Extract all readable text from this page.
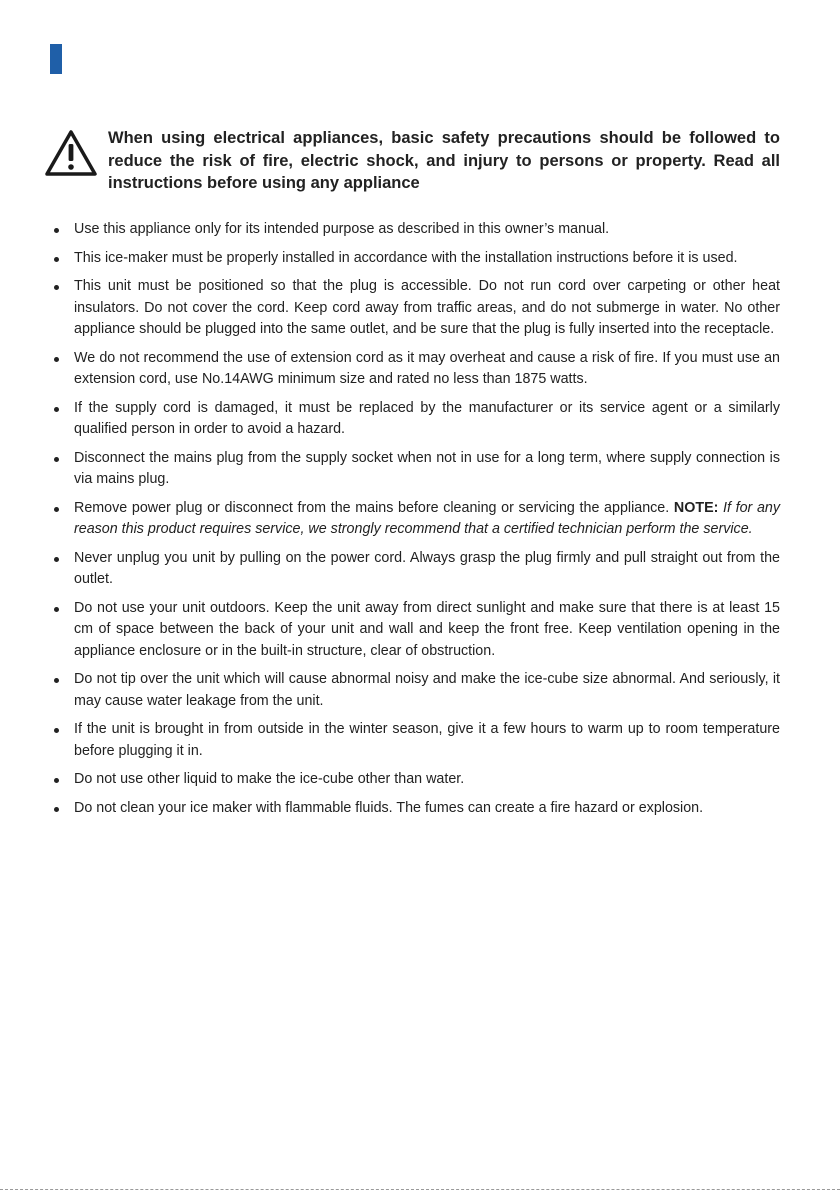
When using electrical appliances, basic safety precautions should be followed to reduce the risk of fire, electric shock, and injury to persons or property. Read all instructions before using any appliance
Use this appliance only for its intended purpose as described in this owner’s manual.
This ice-maker must be properly installed in accordance with the installation instructions before it is used.
This unit must be positioned so that the plug is accessible. Do not run cord over carpeting or other heat insulators. Do not cover the cord. Keep cord away from traffic areas, and do not submerge in water. No other appliance should be plugged into the same outlet, and be sure that the plug is fully inserted into the receptacle.
We do not recommend the use of extension cord as it may overheat and cause a risk of fire. If you must use an extension cord, use No.14AWG minimum size and rated no less than 1875 watts.
If the supply cord is damaged, it must be replaced by the manufacturer or its service agent or a similarly qualified person in order to avoid a hazard.
Disconnect the mains plug from the supply socket when not in use for a long term, where supply connection is via mains plug.
Remove power plug or disconnect from the mains before cleaning or servicing the appliance. NOTE: If for any reason this product requires service, we strongly recommend that a certified technician perform the service.
Never unplug you unit by pulling on the power cord. Always grasp the plug firmly and pull straight out from the outlet.
Do not use your unit outdoors. Keep the unit away from direct sunlight and make sure that there is at least 15 cm of space between the back of your unit and wall and keep the front free. Keep ventilation opening in the appliance enclosure or in the built-in structure, clear of obstruction.
Do not tip over the unit which will cause abnormal noisy and make the ice-cube size abnormal. And seriously, it may cause water leakage from the unit.
If the unit is brought in from outside in the winter season, give it a few hours to warm up to room temperature before plugging it in.
Do not use other liquid to make the ice-cube other than water.
Do not clean your ice maker with flammable fluids. The fumes can create a fire hazard or explosion.
